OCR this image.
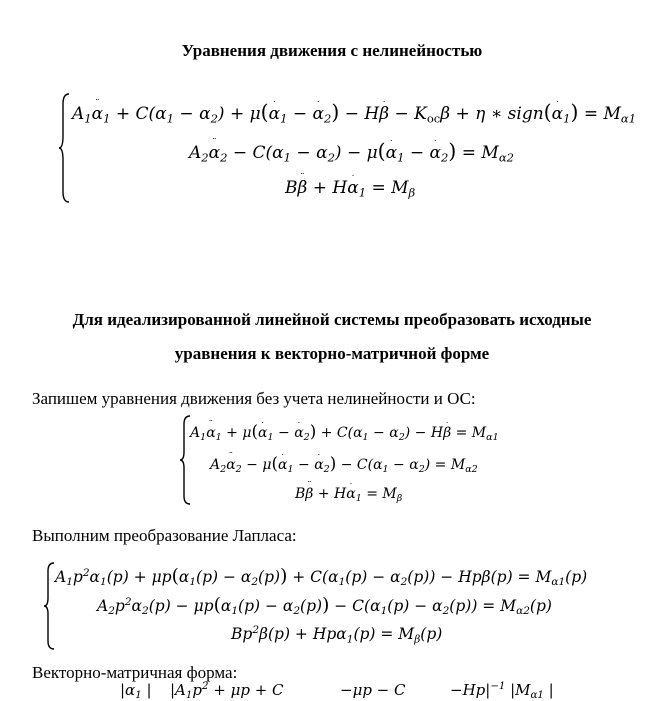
Уравнения движения с нелинейностью
$A_1\alpha$ $¨_1 + C(\alpha_1 - \alpha_2) + \mu(\alpha$ $˙_1 - \alpha$ $˙_2) - H\beta$ ˙ − $K_{ос}\beta + \eta$ ∗ sign(α $˙_1) = M_{\alpha 1}$
$A_2\alpha$ $¨_2 - C(\alpha_1 - \alpha_2) - \mu(\alpha$ $˙_1 - \alpha$ $˙_2) = M_{\alpha 2}$
Bβ ¨ + Hα $˙_1 = M_\beta$
Для идеализированной линейной системы преобразовать исходные
уравнения к векторно-матричной форме

Запишем уравнения движения без учета нелинейности и ОС:

$A_1\alpha$ $¨_1 + \mu(\alpha$ $˙_1 - \alpha$ $˙_2) + C(\alpha_1 - \alpha_2) - H\beta$ ˙ = $M_{\alpha 1}$
$A_2\alpha$ $¨_2 - \mu(\alpha$ $˙_1 - \alpha$ $˙_2) - C(\alpha_1 - \alpha_2) = M_{\alpha 2}$
Bβ ¨ + Hα $˙_1 = M_\beta$

Выполним преобразование Лапласа:

$A_1p^2\alpha_1(p) + \mu p(\alpha_1(p) - \alpha_2(p)) + C(\alpha_1(p) - \alpha_2(p)) - Hp\beta(p) = M_{\alpha 1}(p)$
$A_2p^2\alpha_2(p) - \mu p(\alpha_1(p) - \alpha_2(p)) - C(\alpha_1(p) - \alpha_2(p)) = M_{\alpha 2}(p)$
$Bp^2\beta(p) + Hp\alpha_1(p) = M_\beta(p)$

Векторно-матричная форма:

$|\alpha_1$ | $|A_1p^2 + \mu p + C$	−μp − C	$-Hp|^{-1}$ $|M_{\alpha 1}$ |
